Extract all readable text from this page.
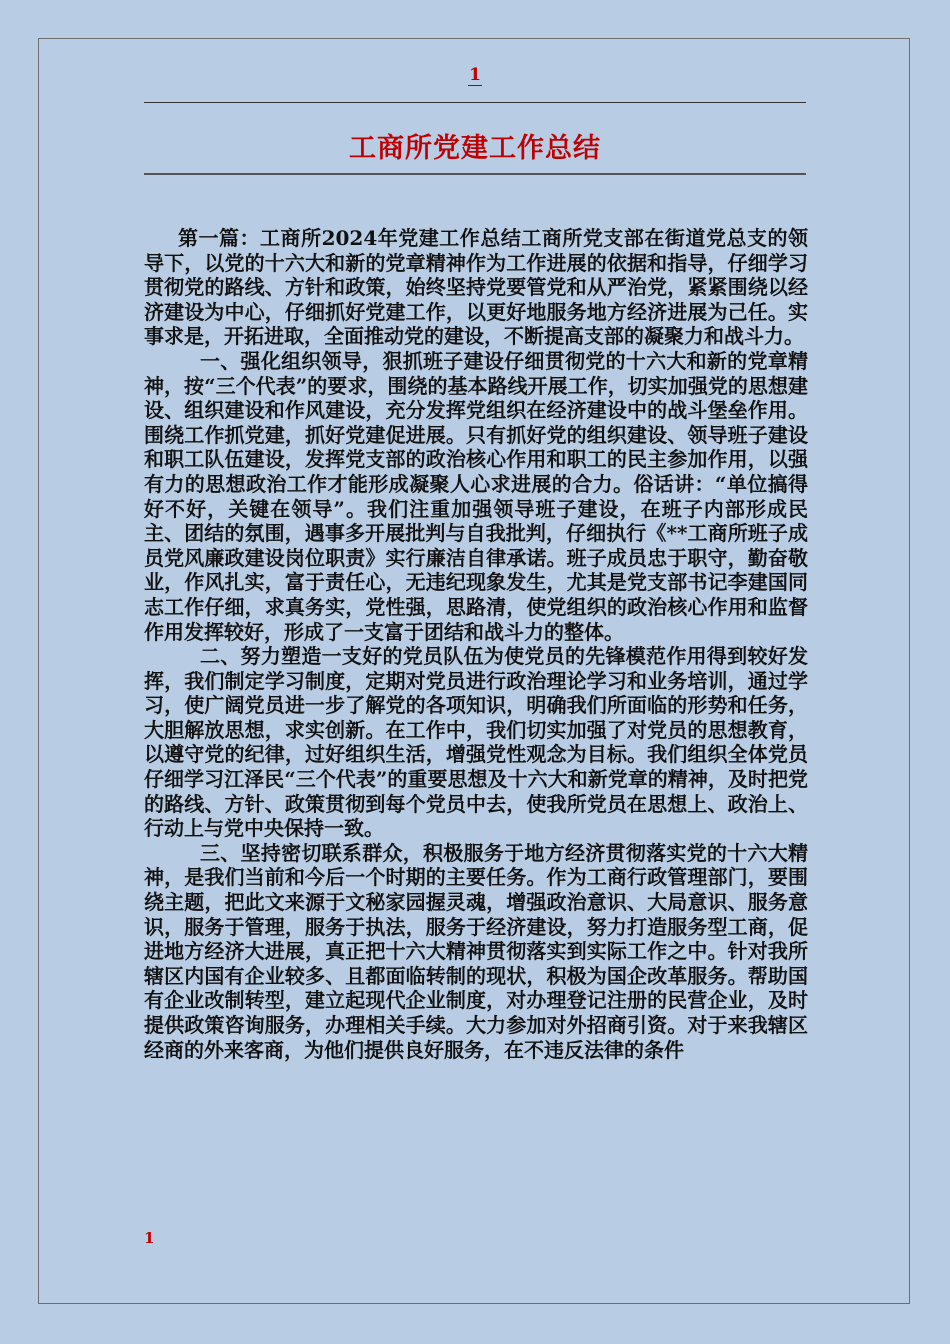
1
工商所党建工作总结

第一篇：工商所2024年党建工作总结工商所党支部在街道党总支的领导下，以党的十六大和新的党章精神作为工作进展的依据和指导，仔细学习贯彻党的路线、方针和政策，始终坚持党要管党和从严治党，紧紧围绕以经济建设为中心，仔细抓好党建工作，以更好地服务地方经济进展为己任。实事求是，开拓进取，全面推动党的建设，不断提高支部的凝聚力和战斗力。

一、强化组织领导，狠抓班子建设仔细贯彻党的十六大和新的党章精神，按“三个代表”的要求，围绕的基本路线开展工作，切实加强党的思想建设、组织建设和作风建设，充分发挥党组织在经济建设中的战斗堡垒作用。围绕工作抓党建，抓好党建促进展。只有抓好党的组织建设、领导班子建设和职工队伍建设，发挥党支部的政治核心作用和职工的民主参加作用，以强有力的思想政治工作才能形成凝聚人心求进展的合力。俗话讲：“单位搞得好不好，关键在领导”。我们注重加强领导班子建设，在班子内部形成民主、团结的氛围，遇事多开展批判与自我批判，仔细执行《**工商所班子成员党风廉政建设岗位职责》实行廉洁自律承诺。班子成员忠于职守，勤奋敬业，作风扎实，富于责任心，无违纪现象发生，尤其是党支部书记李建国同志工作仔细，求真务实，党性强，思路清，使党组织的政治核心作用和监督作用发挥较好，形成了一支富于团结和战斗力的整体。

二、努力塑造一支好的党员队伍为使党员的先锋模范作用得到较好发挥，我们制定学习制度，定期对党员进行政治理论学习和业务培训，通过学习，使广阔党员进一步了解党的各项知识，明确我们所面临的形势和任务，大胆解放思想，求实创新。在工作中，我们切实加强了对党员的思想教育，以遵守党的纪律，过好组织生活，增强党性观念为目标。我们组织全体党员仔细学习江泽民“三个代表”的重要思想及十六大和新党章的精神，及时把党的路线、方针、政策贯彻到每个党员中去，使我所党员在思想上、政治上、行动上与党中央保持一致。

三、坚持密切联系群众，积极服务于地方经济贯彻落实党的十六大精神，是我们当前和今后一个时期的主要任务。作为工商行政管理部门，要围绕主题，把此文来源于文秘家园握灵魂，增强政治意识、大局意识、服务意识，服务于管理，服务于执法，服务于经济建设，努力打造服务型工商，促进地方经济大进展，真正把十六大精神贯彻落实到实际工作之中。针对我所辖区内国有企业较多、且都面临转制的现状，积极为国企改革服务。帮助国有企业改制转型，建立起现代企业制度，对办理登记注册的民营企业，及时提供政策咨询服务，办理相关手续。大力参加对外招商引资。对于来我辖区经商的外来客商，为他们提供良好服务，在不违反法律的条件

1
